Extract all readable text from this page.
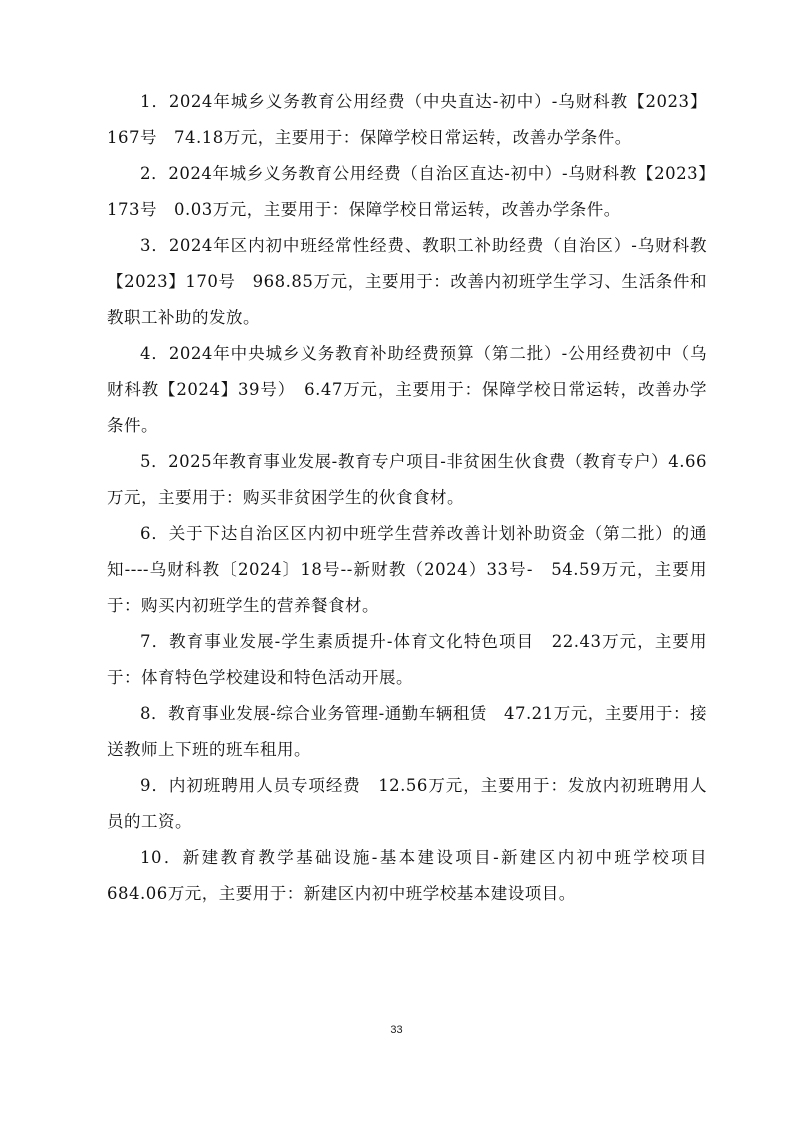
1．2024年城乡义务教育公用经费（中央直达-初中）-乌财科教【2023】167号　74.18万元，主要用于：保障学校日常运转，改善办学条件。

2．2024年城乡义务教育公用经费（自治区直达-初中）-乌财科教【2023】173号　0.03万元，主要用于：保障学校日常运转，改善办学条件。

3．2024年区内初中班经常性经费、教职工补助经费（自治区）-乌财科教【2023】170号　968.85万元，主要用于：改善内初班学生学习、生活条件和教职工补助的发放。

4．2024年中央城乡义务教育补助经费预算（第二批）-公用经费初中（乌财科教【2024】39号）　6.47万元，主要用于：保障学校日常运转，改善办学条件。

5．2025年教育事业发展-教育专户项目-非贫困生伙食费（教育专户）4.66万元，主要用于：购买非贫困学生的伙食食材。

6．关于下达自治区区内初中班学生营养改善计划补助资金（第二批）的通知----乌财科教〔2024〕18号--新财教（2024）33号-　54.59万元，主要用于：购买内初班学生的营养餐食材。

7．教育事业发展-学生素质提升-体育文化特色项目　22.43万元，主要用于：体育特色学校建设和特色活动开展。

8．教育事业发展-综合业务管理-通勤车辆租赁　47.21万元，主要用于：接送教师上下班的班车租用。

9．内初班聘用人员专项经费　12.56万元，主要用于：发放内初班聘用人员的工资。

10．新建教育教学基础设施-基本建设项目-新建区内初中班学校项目684.06万元，主要用于：新建区内初中班学校基本建设项目。

33
